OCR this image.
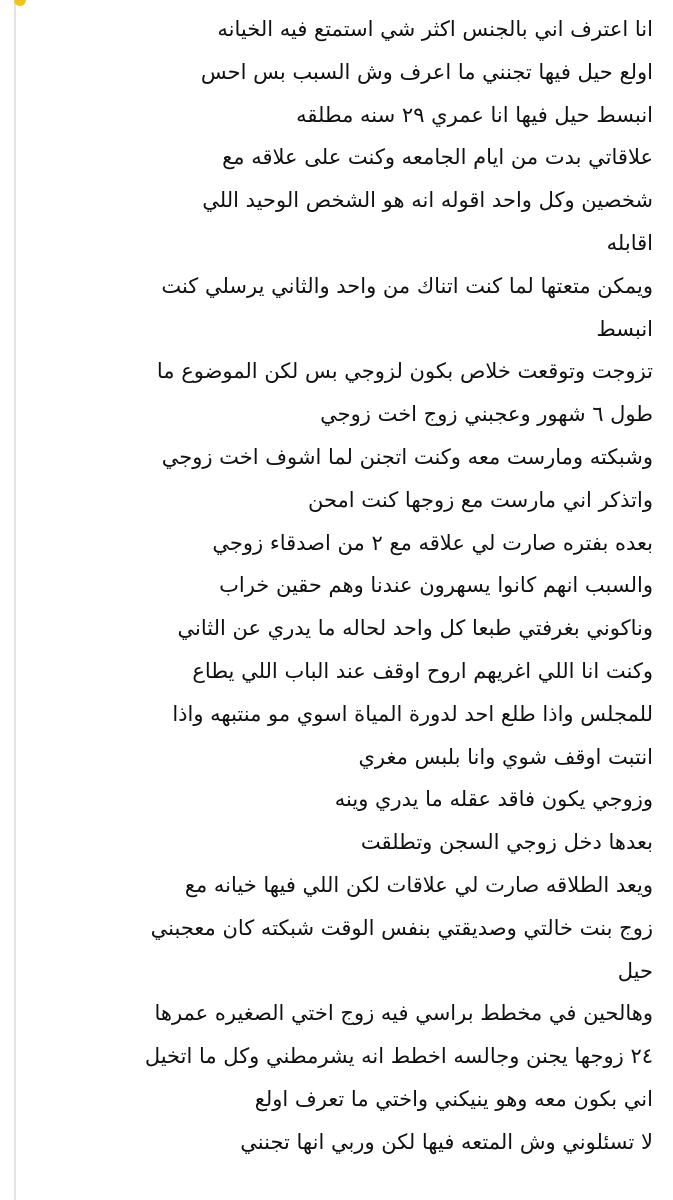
انا اعترف اني بالجنس اكثر شي استمتع فيه الخيانه
اولع حيل فيها تجنني ما اعرف وش السبب بس احس
انبسط حيل فيها انا عمري ٢٩ سنه مطلقه
علاقاتي بدت من ايام الجامعه وكنت على علاقه مع
شخصين وكل واحد اقوله انه هو الشخص الوحيد اللي
اقابله
ويمكن متعتها لما كنت اتناك من واحد والثاني يرسلي كنت
انبسط
تزوجت وتوقعت خلاص بكون لزوجي بس لكن الموضوع ما
طول ٦ شهور وعجبني زوج اخت زوجي
وشبكته ومارست معه وكنت اتجنن لما اشوف اخت زوجي
واتذكر اني مارست مع زوجها كنت امحن
بعده بفتره صارت لي علاقه مع ٢ من اصدقاء زوجي
والسبب انهم كانوا يسهرون عندنا وهم حقين خراب
وناكوني بغرفتي طبعا كل واحد لحاله ما يدري عن الثاني
وكنت انا اللي اغريهم اروح اوقف عند الباب اللي يطاع
للمجلس واذا طلع احد لدورة المياة اسوي مو منتبهه واذا
انتبت اوقف شوي وانا بلبس مغري
وزوجي يكون فاقد عقله ما يدري وينه
بعدها دخل زوجي السجن وتطلقت
ويعد الطلاقه صارت لي علاقات لكن اللي فيها خيانه مع
زوج بنت خالتي وصديقتي بنفس الوقت شبكته كان معجبني
حيل
وهالحين في مخطط براسي فيه زوج اختي الصغيره عمرها
٢٤ زوجها يجنن وجالسه اخطط انه يشرمطني وكل ما اتخيل
اني بكون معه وهو ينيكني واختي ما تعرف اولع
لا تسئلوني وش المتعه فيها لكن وربي انها تجنني
